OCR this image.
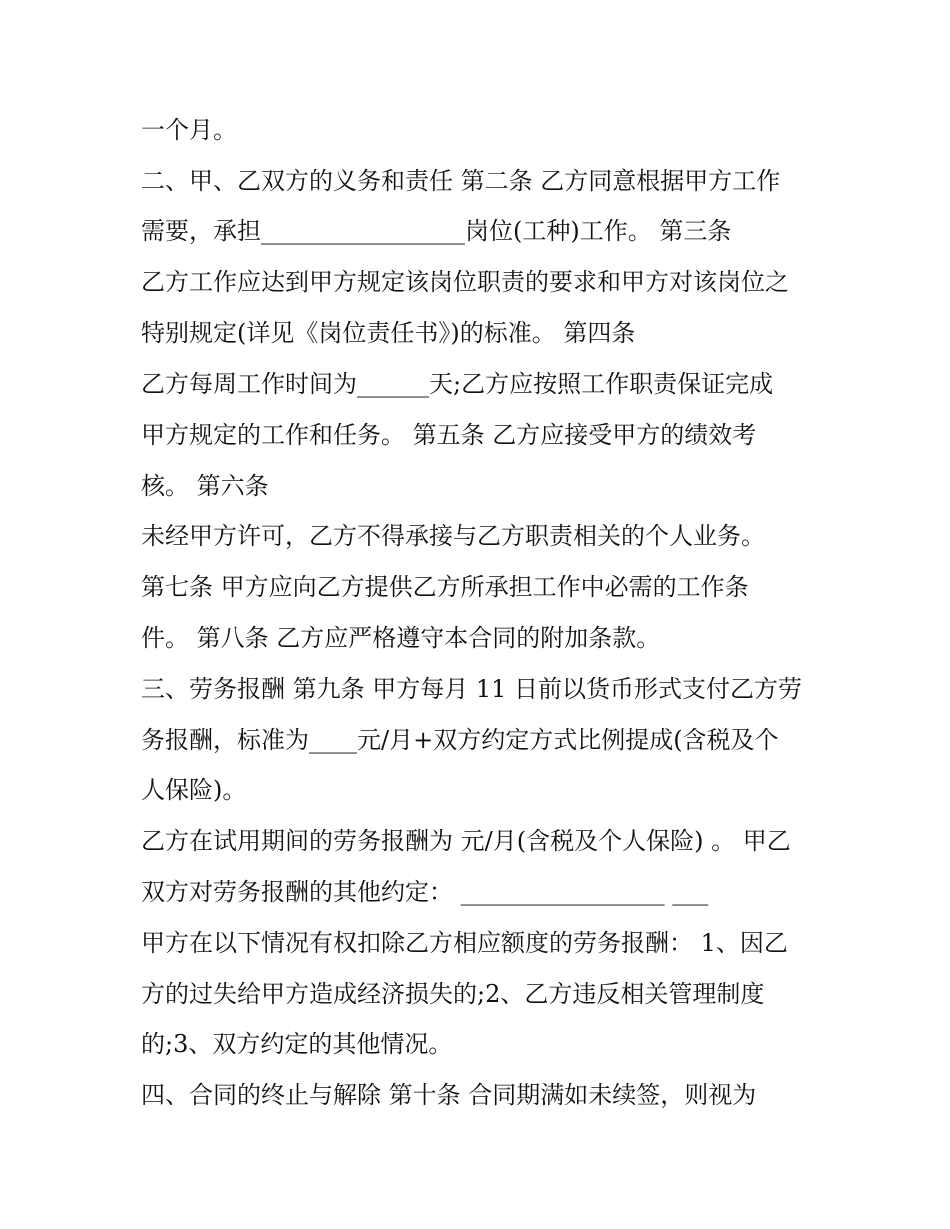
一个月。
二、甲、乙双方的义务和责任 第二条 乙方同意根据甲方工作
需要，承担_________________岗位(工种)工作。 第三条
乙方工作应达到甲方规定该岗位职责的要求和甲方对该岗位之
特别规定(详见《岗位责任书》)的标准。 第四条
乙方每周工作时间为______天;乙方应按照工作职责保证完成
甲方规定的工作和任务。 第五条 乙方应接受甲方的绩效考
核。 第六条
未经甲方许可，乙方不得承接与乙方职责相关的个人业务。
第七条 甲方应向乙方提供乙方所承担工作中必需的工作条
件。 第八条 乙方应严格遵守本合同的附加条款。
三、劳务报酬 第九条 甲方每月 11 日前以货币形式支付乙方劳
务报酬，标准为____元/月+双方约定方式比例提成(含税及个
人保险)。
乙方在试用期间的劳务报酬为 元/月(含税及个人保险) 。 甲乙
双方对劳务报酬的其他约定： _________________ ___
甲方在以下情况有权扣除乙方相应额度的劳务报酬： 1、因乙
方的过失给甲方造成经济损失的;2、乙方违反相关管理制度
的;3、双方约定的其他情况。
四、合同的终止与解除 第十条 合同期满如未续签，则视为
